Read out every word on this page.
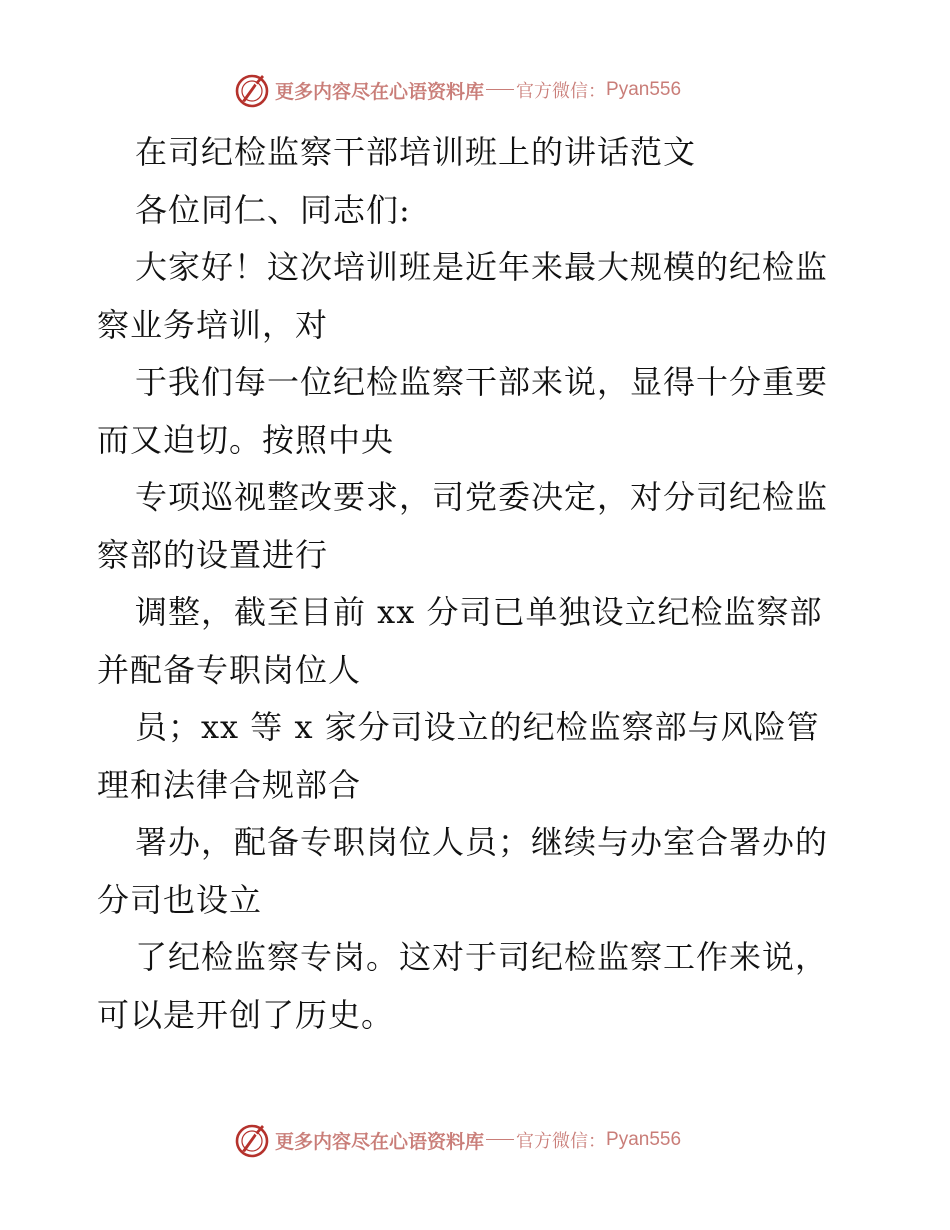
更多内容尽在心语资料库 官方微信： Pyan556
在司纪检监察干部培训班上的讲话范文
各位同仁、同志们:
大家好！这次培训班是近年来最大规模的纪检监
察业务培训，对
于我们每一位纪检监察干部来说，显得十分重要
而又迫切。按照中央
专项巡视整改要求，司党委决定，对分司纪检监
察部的设置进行
调整，截至目前 xx 分司已单独设立纪检监察部
并配备专职岗位人
员；xx 等 x 家分司设立的纪检监察部与风险管
理和法律合规部合
署办，配备专职岗位人员；继续与办室合署办的
分司也设立
了纪检监察专岗。这对于司纪检监察工作来说，
可以是开创了历史。
更多内容尽在心语资料库 官方微信： Pyan556
